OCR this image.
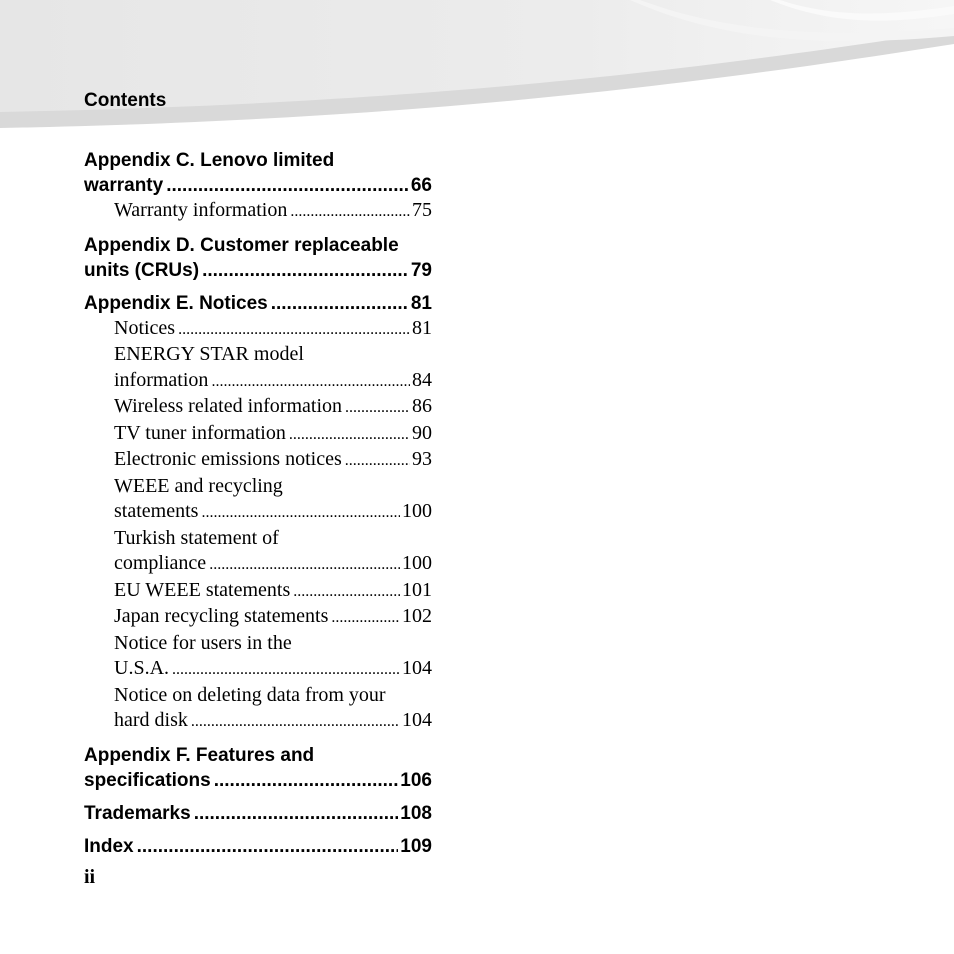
Contents
Appendix C. Lenovo limited
warranty .....	66
Warranty information .....	75
Appendix D. Customer replaceable
units (CRUs) .....	79
Appendix E. Notices .....	81
Notices .....	81
ENERGY STAR model
information .....	84
Wireless related information .....	86
TV tuner information .....	90
Electronic emissions notices .....	93
WEEE and recycling
statements .....	100
Turkish statement of
compliance .....	100
EU WEEE statements .....	101
Japan recycling statements .....	102
Notice for users in the
U.S.A. .....	104
Notice on deleting data from your
hard disk .....	104
Appendix F. Features and
specifications .....	106
Trademarks .....	108
Index .....	109
ii
